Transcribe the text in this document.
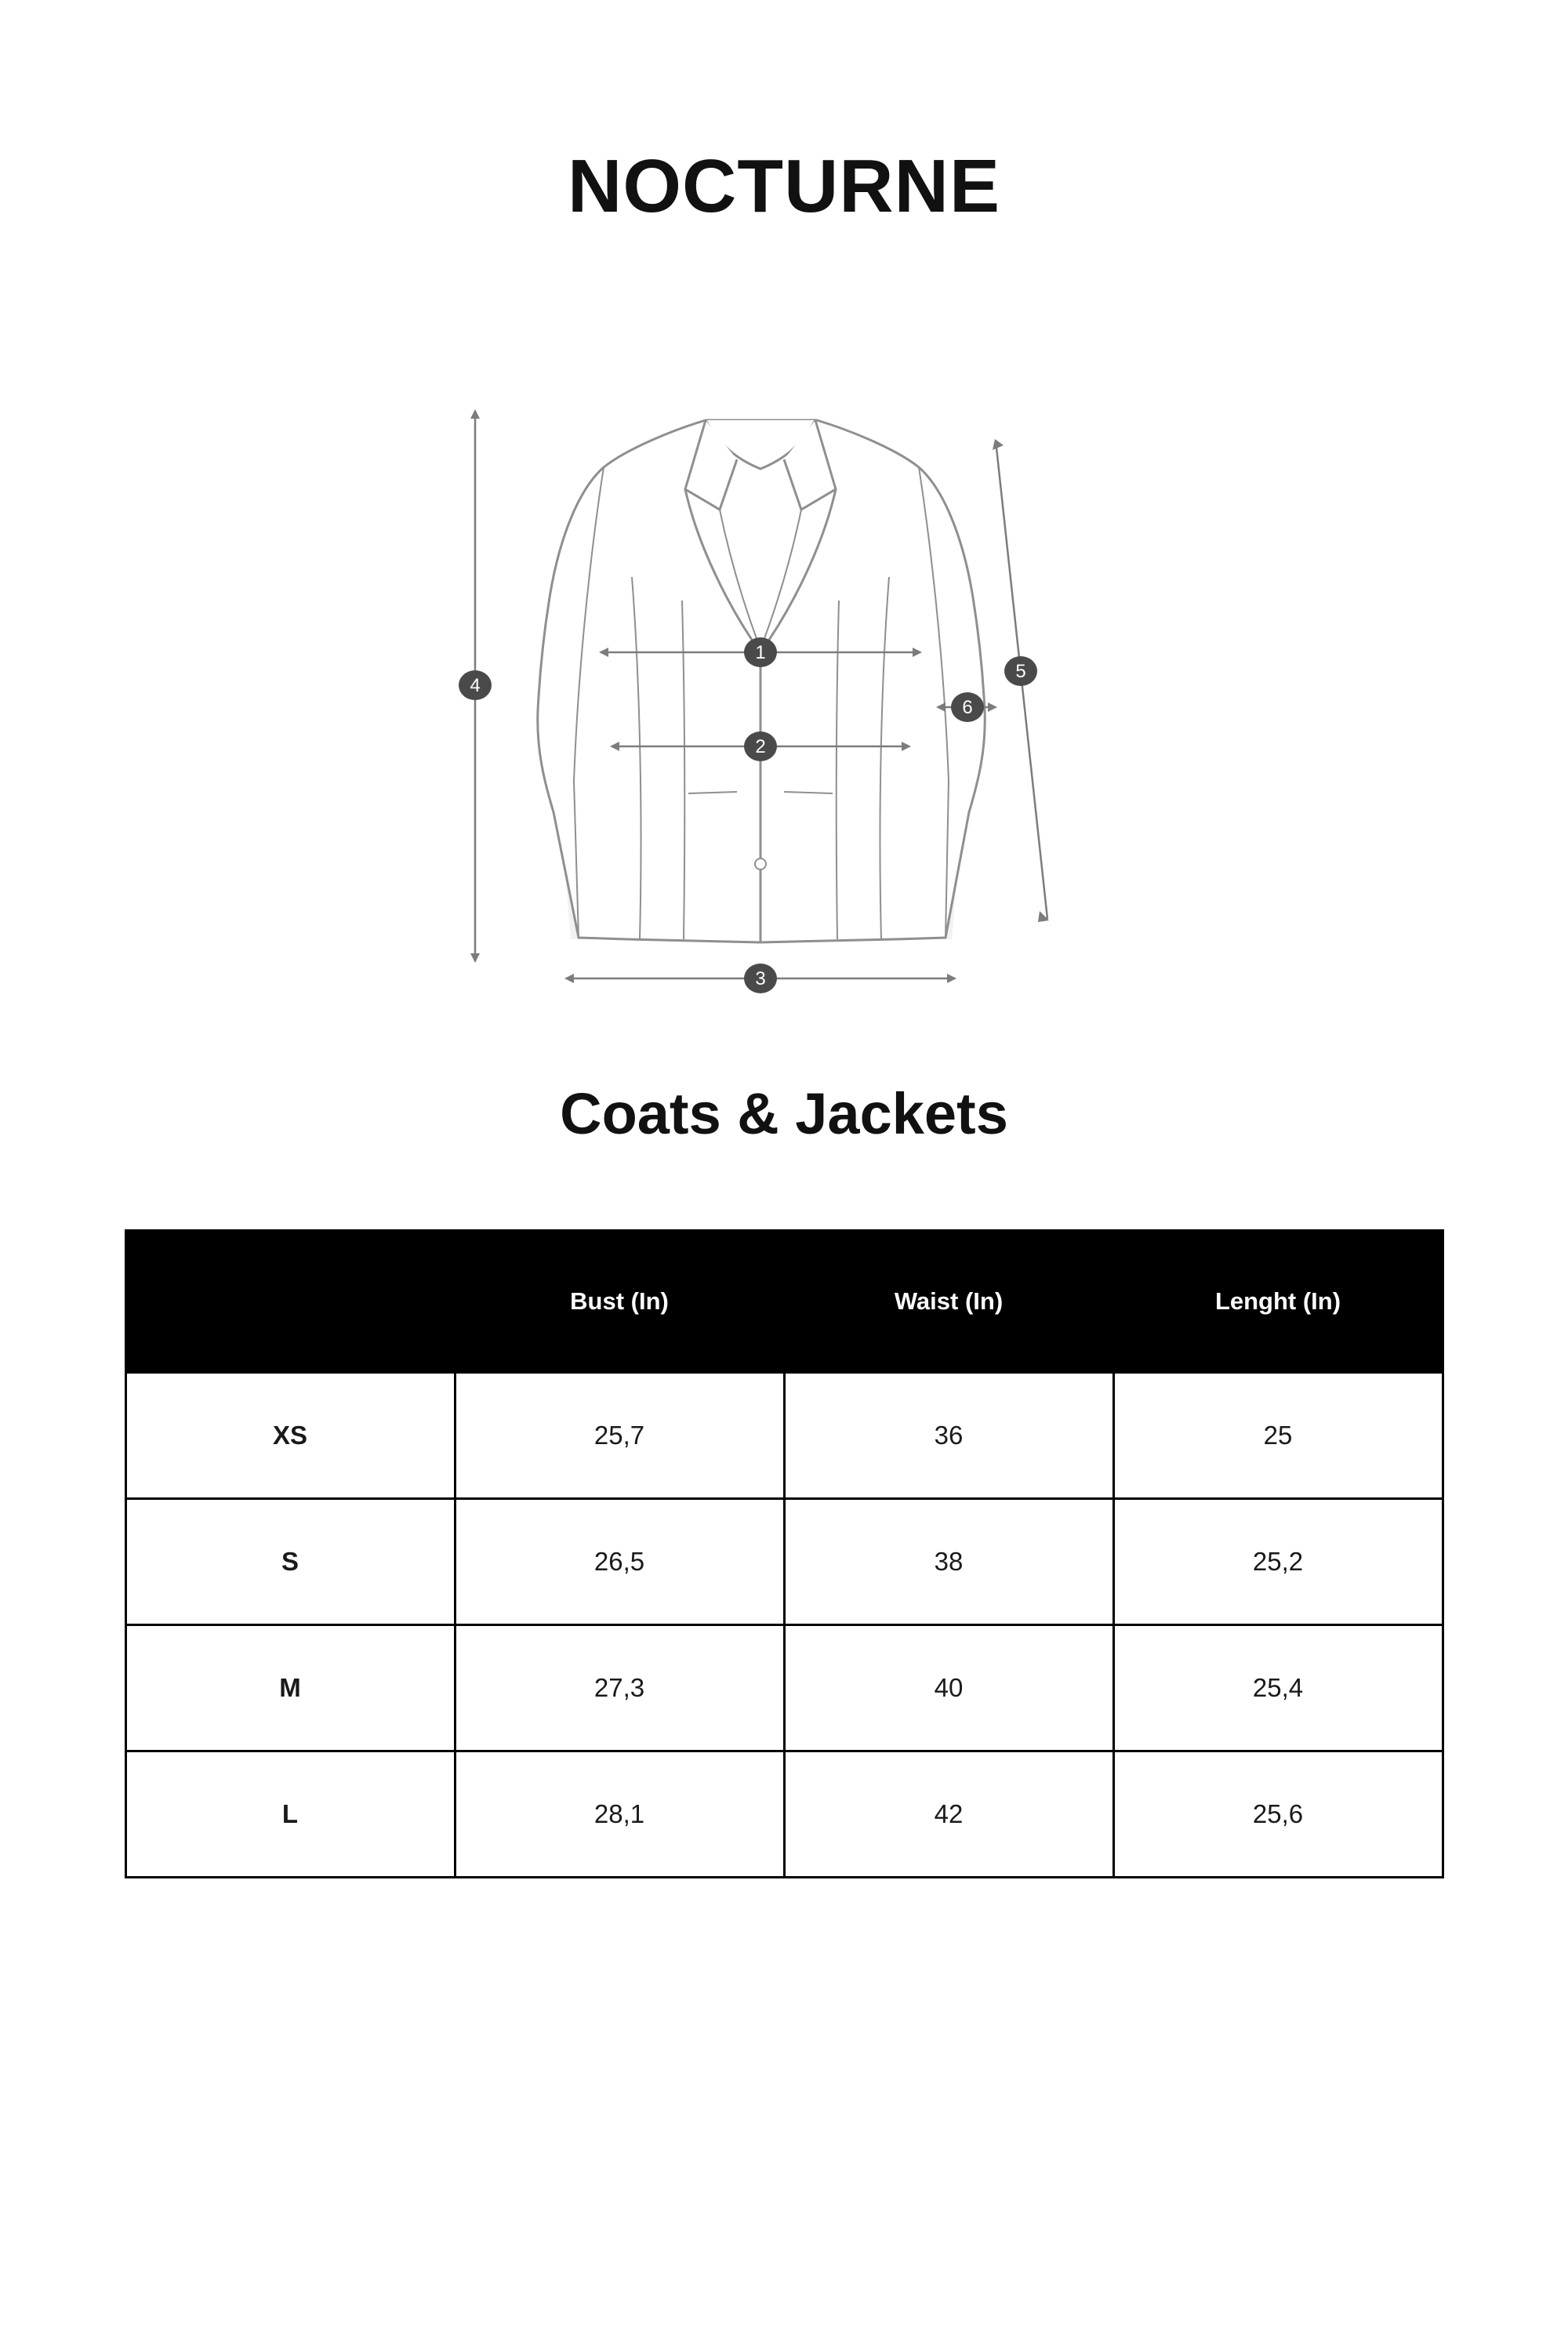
NOCTURNE
1
2
3
4
5
6
Coats & Jackets
	Bust (In)	Waist (In)	Lenght (In)
XS	25,7	36	25
S	26,5	38	25,2
M	27,3	40	25,4
L	28,1	42	25,6
